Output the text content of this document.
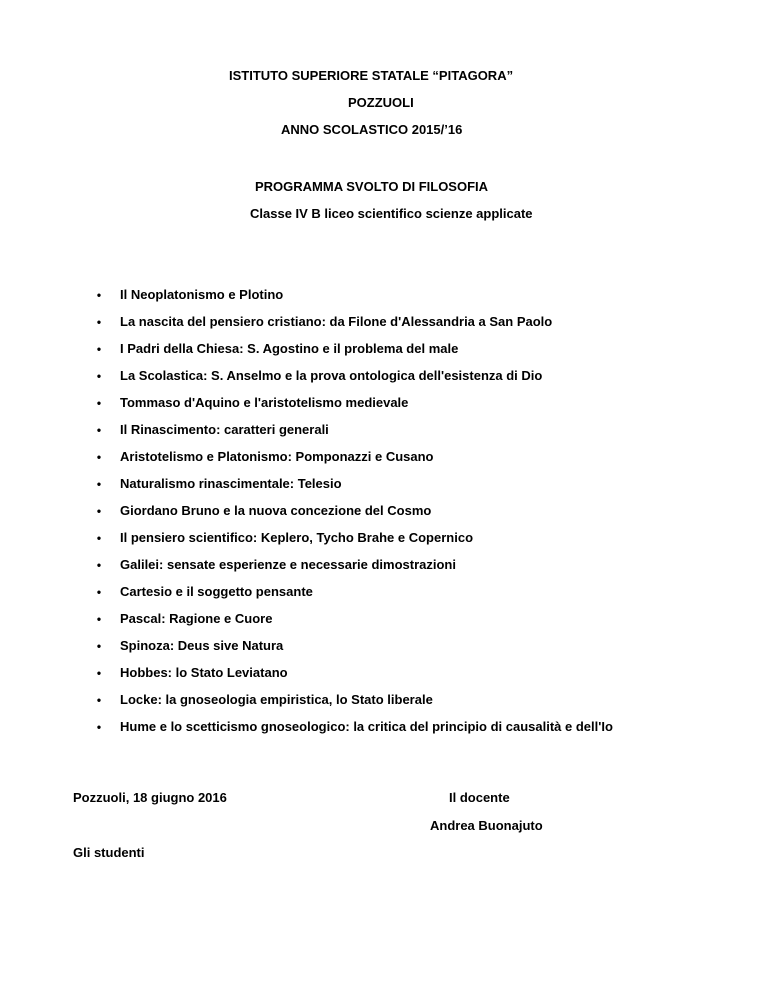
ISTITUTO SUPERIORE STATALE “PITAGORA”
POZZUOLI
ANNO SCOLASTICO 2015/’16
PROGRAMMA SVOLTO DI FILOSOFIA
Classe IV B liceo scientifico scienze applicate
•	Il Neoplatonismo e Plotino
•	La nascita del pensiero cristiano: da Filone d'Alessandria a San Paolo
•	I Padri della Chiesa: S. Agostino e il problema del male
•	La Scolastica: S. Anselmo e la prova ontologica dell'esistenza di Dio
•	Tommaso d'Aquino e l'aristotelismo medievale
•	Il Rinascimento: caratteri generali
•	Aristotelismo e Platonismo: Pomponazzi e Cusano
•	Naturalismo rinascimentale: Telesio
•	Giordano Bruno e la nuova concezione del Cosmo
•	Il pensiero scientifico: Keplero, Tycho Brahe e Copernico
•	Galilei: sensate esperienze e necessarie dimostrazioni
•	Cartesio e il soggetto pensante
•	Pascal: Ragione e Cuore
•	Spinoza: Deus sive Natura
•	Hobbes: lo Stato Leviatano
•	Locke: la gnoseologia empiristica, lo Stato liberale
•	Hume e lo scetticismo gnoseologico: la critica del principio di causalità e dell'Io
Pozzuoli, 18 giugno 2016	Il docente
Andrea Buonajuto
Gli studenti
